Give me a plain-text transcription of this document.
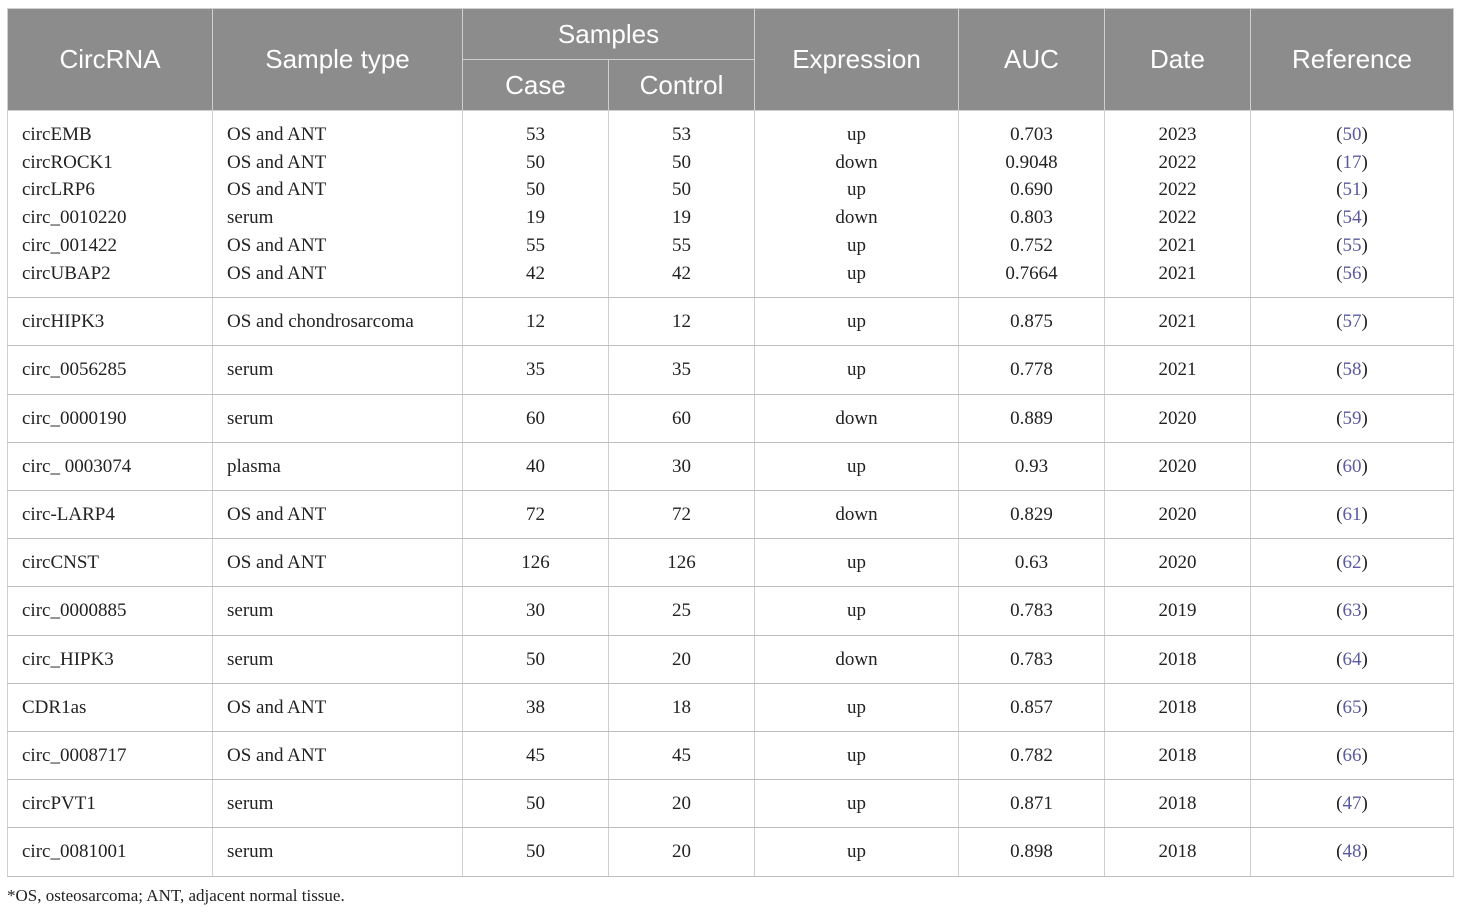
CircRNA	Sample type	Samples		Expression	AUC	Date	Reference
		Case	Control				
circEMB	OS and ANT	53	53	up	0.703	2023	(50)
circROCK1	OS and ANT	50	50	down	0.9048	2022	(17)
circLRP6	OS and ANT	50	50	up	0.690	2022	(51)
circ_0010220	serum	19	19	down	0.803	2022	(54)
circ_001422	OS and ANT	55	55	up	0.752	2021	(55)
circUBAP2	OS and ANT	42	42	up	0.7664	2021	(56)
circHIPK3	OS and chondrosarcoma	12	12	up	0.875	2021	(57)
circ_0056285	serum	35	35	up	0.778	2021	(58)
circ_0000190	serum	60	60	down	0.889	2020	(59)
circ_ 0003074	plasma	40	30	up	0.93	2020	(60)
circ-LARP4	OS and ANT	72	72	down	0.829	2020	(61)
circCNST	OS and ANT	126	126	up	0.63	2020	(62)
circ_0000885	serum	30	25	up	0.783	2019	(63)
circ_HIPK3	serum	50	20	down	0.783	2018	(64)
CDR1as	OS and ANT	38	18	up	0.857	2018	(65)
circ_0008717	OS and ANT	45	45	up	0.782	2018	(66)
circPVT1	serum	50	20	up	0.871	2018	(47)
circ_0081001	serum	50	20	up	0.898	2018	(48)
*OS, osteosarcoma; ANT, adjacent normal tissue.
